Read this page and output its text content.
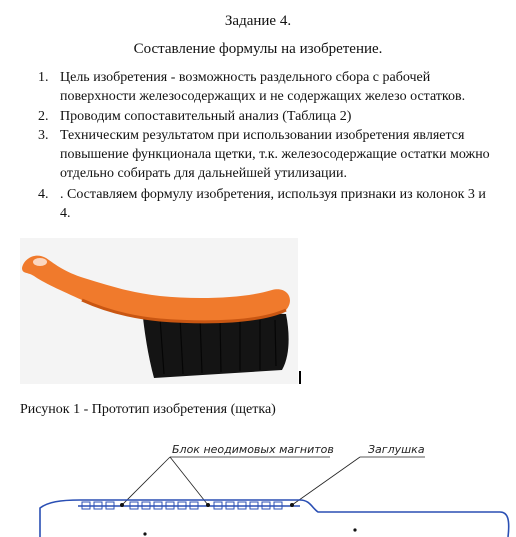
Задание 4.
Составление формулы на изобретение.
1. Цель изобретения - возможность раздельного сбора с рабочей
поверхности железосодержащих и не содержащих железо остатков.
2. Проводим сопоставительный анализ (Таблица 2)
3. Техническим результатом при использовании изобретения является
повышение функционала щетки, т.к. железосодержащие остатки можно
отдельно собирать для дальнейшей утилизации.
4. . Составляем формулу изобретения, используя признаки из колонок 3 и
4.
Рисунок 1 - Прототип изобретения (щетка)
Блок неодимовых магнитов	Заглушка
